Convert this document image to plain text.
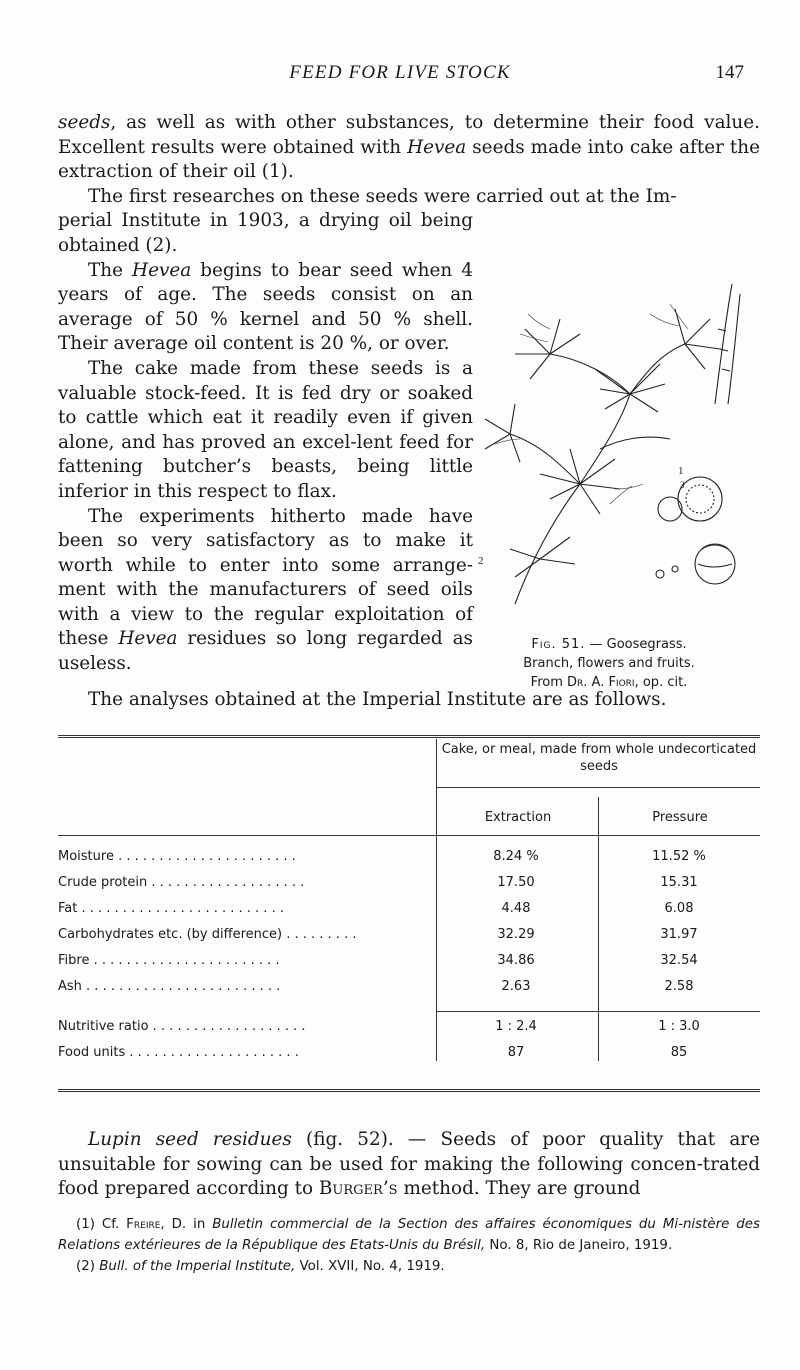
FEED FOR LIVE STOCK	147

seeds, as well as with other substances, to determine their food value. Excellent results were obtained with Hevea seeds made into cake after the extraction of their oil (1).

The first researches on these seeds were carried out at the Im-

perial Institute in 1903, a drying oil being obtained (2).

The Hevea begins to bear seed when 4 years of age. The seeds consist on an average of 50 % kernel and 50 % shell. Their average oil content is 20 %, or over.

The cake made from these seeds is a valuable stock-feed. It is fed dry or soaked to cattle which eat it readily even if given alone, and has proved an excel-lent feed for fattening butcher’s beasts, being little inferior in this respect to flax.

The experiments hitherto made have been so very satisfactory as to make it worth while to enter into some arrange-ment with the manufacturers of seed oils with a view to the regular exploitation of these Hevea residues so long regarded as useless.

1
3
2
Fig. 51. — Goosegrass.
Branch, flowers and fruits.
From Dr. A. Fiori, op. cit.

The analyses obtained at the Imperial Institute are as follows.

Cake, or meal, made from whole undecorticated seeds
Extraction	Pressure
Moisture . . . . . . . . . . . . . . . . . . . . . .	8.24 %	11.52 %
Crude protein . . . . . . . . . . . . . . . . . . .	17.50	15.31
Fat . . . . . . . . . . . . . . . . . . . . . . . . .	4.48	6.08
Carbohydrates etc. (by difference) . . . . . . . . .	32.29	31.97
Fibre . . . . . . . . . . . . . . . . . . . . . . .	34.86	32.54
Ash . . . . . . . . . . . . . . . . . . . . . . . .	2.63	2.58
Nutritive ratio . . . . . . . . . . . . . . . . . . .	1 : 2.4	1 : 3.0
Food units . . . . . . . . . . . . . . . . . . . . .	87	85

Lupin seed residues (fig. 52). — Seeds of poor quality that are unsuitable for sowing can be used for making the following concen-trated food prepared according to Burger’s method. They are ground

(1) Cf. Freire, D. in Bulletin commercial de la Section des affaires économiques du Mi-nistère des Relations extérieures de la République des Etats-Unis du Brésil, No. 8, Rio de Janeiro, 1919.

(2) Bull. of the Imperial Institute, Vol. XVII, No. 4, 1919.
